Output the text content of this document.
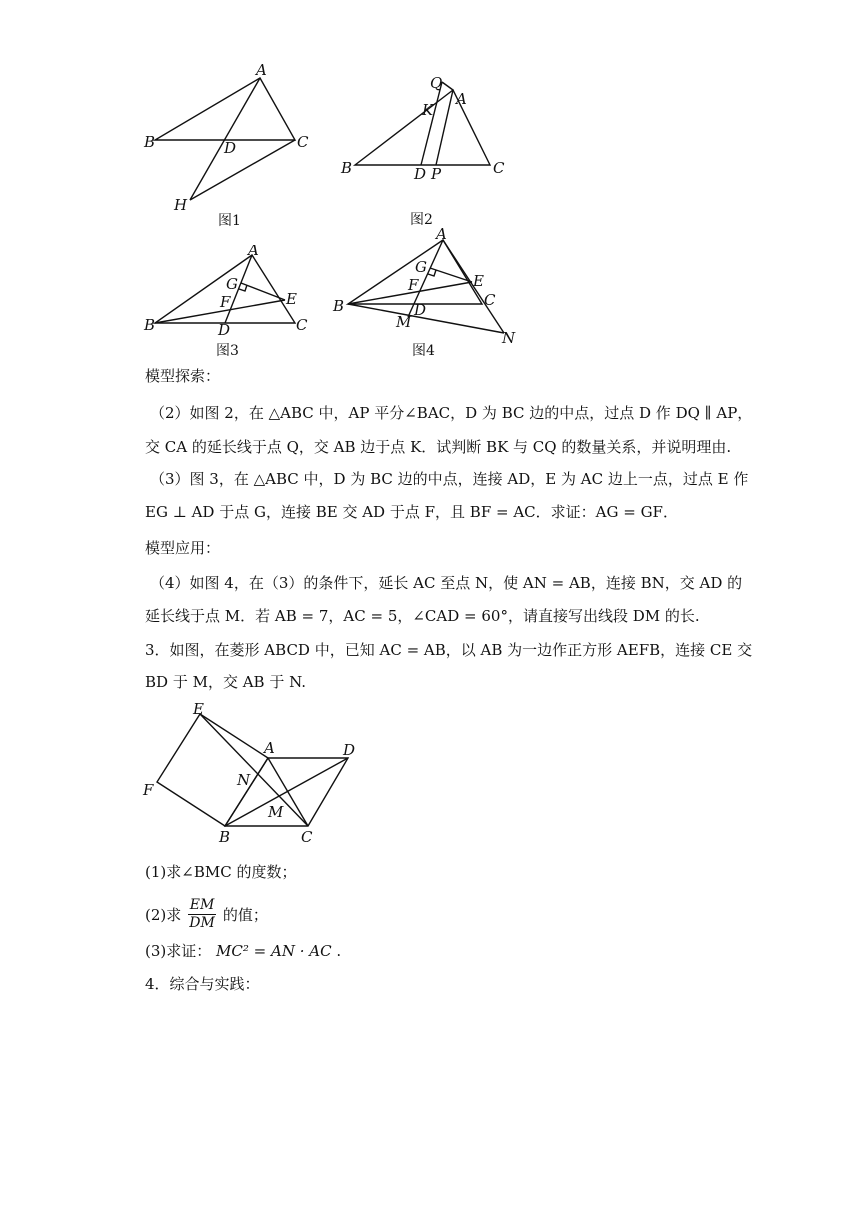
A
B	C
D
H
图1
Q
K
A
B	D P	C
图2
A
G
F	E
B	D	C
图3
A
G
F	E
B	D
C
M
N
图4
模型探索：
（2）如图 2，在 △ABC 中，AP 平分∠BAC，D 为 BC 边的中点，过点 D 作 DQ ∥ AP，
交 CA 的延长线于点 Q，交 AB 边于点 K．试判断 BK 与 CQ 的数量关系，并说明理由.
（3）图 3，在 △ABC 中，D 为 BC 边的中点，连接 AD，E 为 AC 边上一点，过点 E 作
EG ⊥ AD 于点 G，连接 BE 交 AD 于点 F，且 BF = AC．求证：AG = GF．
模型应用：
（4）如图 4，在（3）的条件下，延长 AC 至点 N，使 AN = AB，连接 BN，交 AD 的
延长线于点 M．若 AB = 7，AC = 5，∠CAD = 60°，请直接写出线段 DM 的长.
3．如图，在菱形 ABCD 中，已知 AC = AB，以 AB 为一边作正方形 AEFB，连接 CE 交
BD 于 M，交 AB 于 N.
E
F
A	D
N
M
B	C
(1)求∠BMC 的度数；
(2)求 $\frac{EM}{DM}$ 的值；
(3)求证： MC² = AN · AC .
4．综合与实践：
